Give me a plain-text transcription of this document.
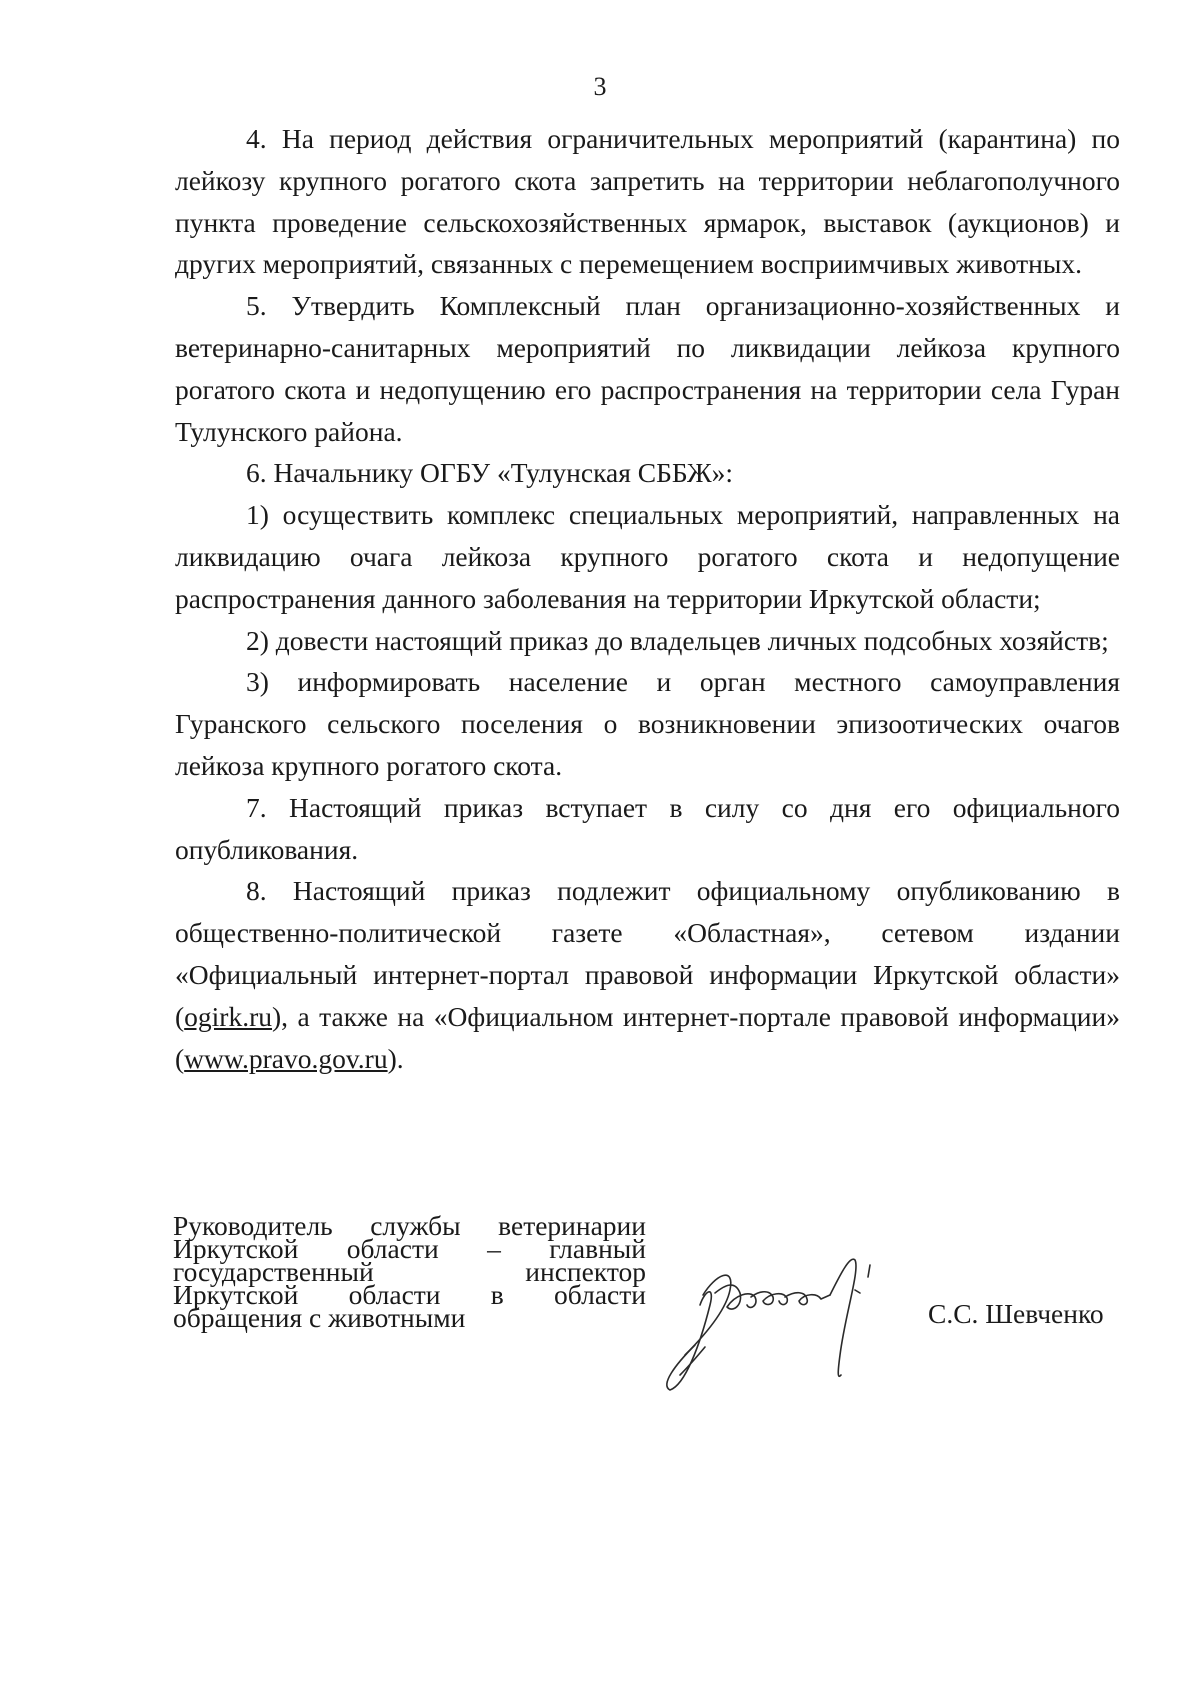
3

4. На период действия ограничительных мероприятий (карантина) по лейкозу крупного рогатого скота запретить на территории неблагополучного пункта проведение сельскохозяйственных ярмарок, выставок (аукционов) и других мероприятий, связанных с перемещением восприимчивых животных.

5. Утвердить Комплексный план организационно-хозяйственных и ветеринарно-санитарных мероприятий по ликвидации лейкоза крупного рогатого скота и недопущению его распространения на территории села Гуран Тулунского района.

6. Начальнику ОГБУ «Тулунская СББЖ»:

1) осуществить комплекс специальных мероприятий, направленных на ликвидацию очага лейкоза крупного рогатого скота и недопущение распространения данного заболевания на территории Иркутской области;

2) довести настоящий приказ до владельцев личных подсобных хозяйств;

3) информировать население и орган местного самоуправления Гуранского сельского поселения о возникновении эпизоотических очагов лейкоза крупного рогатого скота.

7. Настоящий приказ вступает в силу со дня его официального опубликования.

8. Настоящий приказ подлежит официальному опубликованию в общественно-политической газете «Областная», сетевом издании «Официальный интернет-портал правовой информации Иркутской области» (ogirk.ru), а также на «Официальном интернет-портале правовой информации» (www.pravo.gov.ru).

Руководитель службы ветеринарии

Иркутской области – главный

государственный инспектор

Иркутской области в области

обращения с животными	С.С. Шевченко
